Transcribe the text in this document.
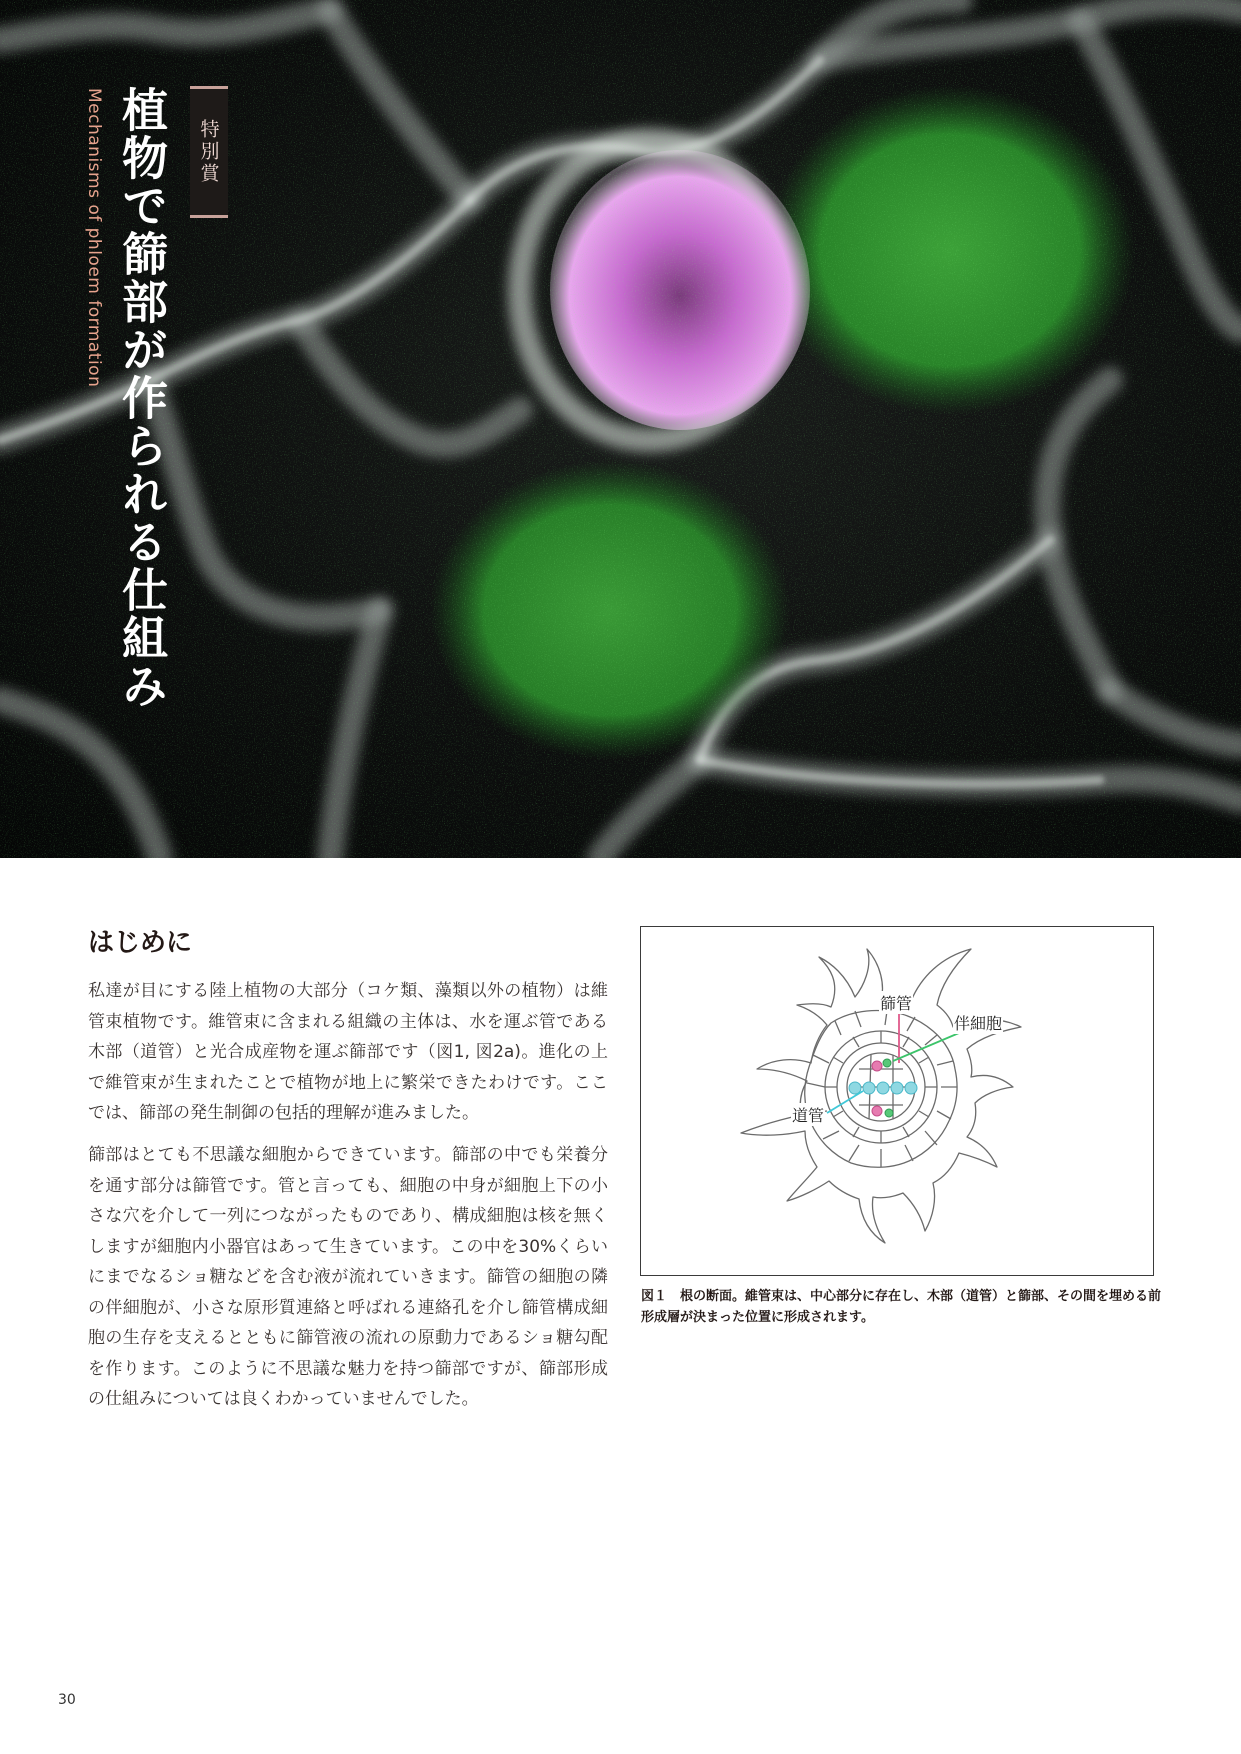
特別賞
植物で篩部が作られる仕組み
Mechanisms of phloem formation
はじめに

私達が目にする陸上植物の大部分（コケ類、藻類以外の植物）は維管束植物です。維管束に含まれる組織の主体は、水を運ぶ管である木部（道管）と光合成産物を運ぶ篩部です（図1, 図2a)。進化の上で維管束が生まれたことで植物が地上に繁栄できたわけです。ここでは、篩部の発生制御の包括的理解が進みました。

篩部はとても不思議な細胞からできています。篩部の中でも栄養分を通す部分は篩管です。管と言っても、細胞の中身が細胞上下の小さな穴を介して一列につながったものであり、構成細胞は核を無くしますが細胞内小器官はあって生きています。この中を30%くらいにまでなるショ糖などを含む液が流れていきます。篩管の細胞の隣の伴細胞が、小さな原形質連絡と呼ばれる連絡孔を介し篩管構成細胞の生存を支えるとともに篩管液の流れの原動力であるショ糖勾配を作ります。このように不思議な魅力を持つ篩部ですが、篩部形成の仕組みについては良くわかっていませんでした。

篩管
伴細胞
道管

図１　根の断面。維管束は、中心部分に存在し、木部（道管）と篩部、その間を埋める前形成層が決まった位置に形成されます。

30
